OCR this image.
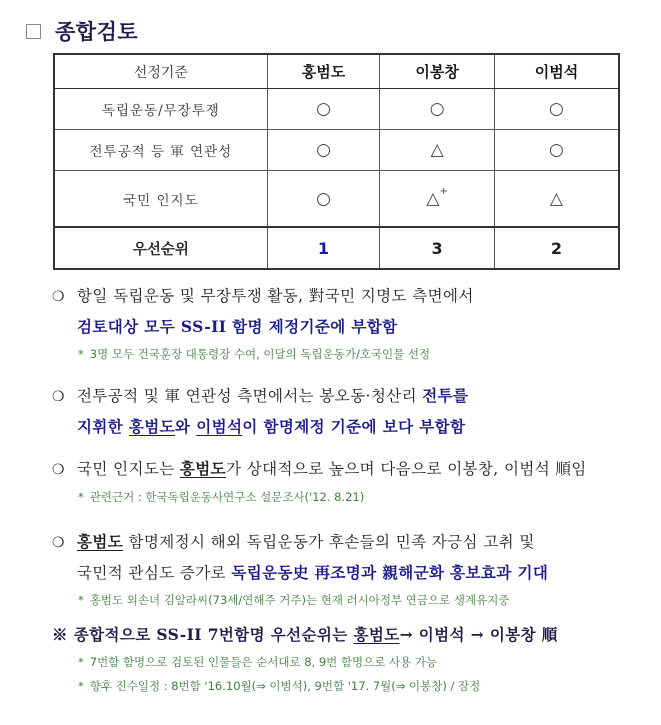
종합검토
선정기준	홍범도	이봉창	이범석
독립운동/무장투쟁	○	○	○
전투공적 등 軍 연관성	○	△	○
국민 인지도	○	△+	△
우선순위	1	3	2
❍ 항일 독립운동 및 무장투쟁 활동, 對국민 지명도 측면에서
검토대상 모두 SS-II 함명 제정기준에 부합함
* 3명 모두 건국훈장 대통령장 수여, 이달의 독립운동가/호국인물 선정
❍ 전투공적 및 軍 연관성 측면에서는 봉오동·청산리 전투를
지휘한 홍범도와 이범석이 함명제정 기준에 보다 부합함
❍ 국민 인지도는 홍범도가 상대적으로 높으며 다음으로 이봉창, 이범석 順임
* 관련근거 : 한국독립운동사연구소 설문조사('12. 8.21)
❍ 홍범도 함명제정시 해외 독립운동가 후손들의 민족 자긍심 고취 및
국민적 관심도 증가로 독립운동史 再조명과 親해군화 홍보효과 기대
* 홍범도 외손녀 김알라씨(73세/연해주 거주)는 현재 러시아정부 연금으로 생계유지중
※ 종합적으로 SS-II 7번함명 우선순위는 홍범도→ 이범석 → 이봉창 順
* 7번함 함명으로 검토된 인물들은 순서대로 8, 9번 함명으로 사용 가능
* 향후 진수일정 : 8번함 '16.10월(⇒ 이범석), 9번함 '17. 7월(⇒ 이봉창) / 잠정
